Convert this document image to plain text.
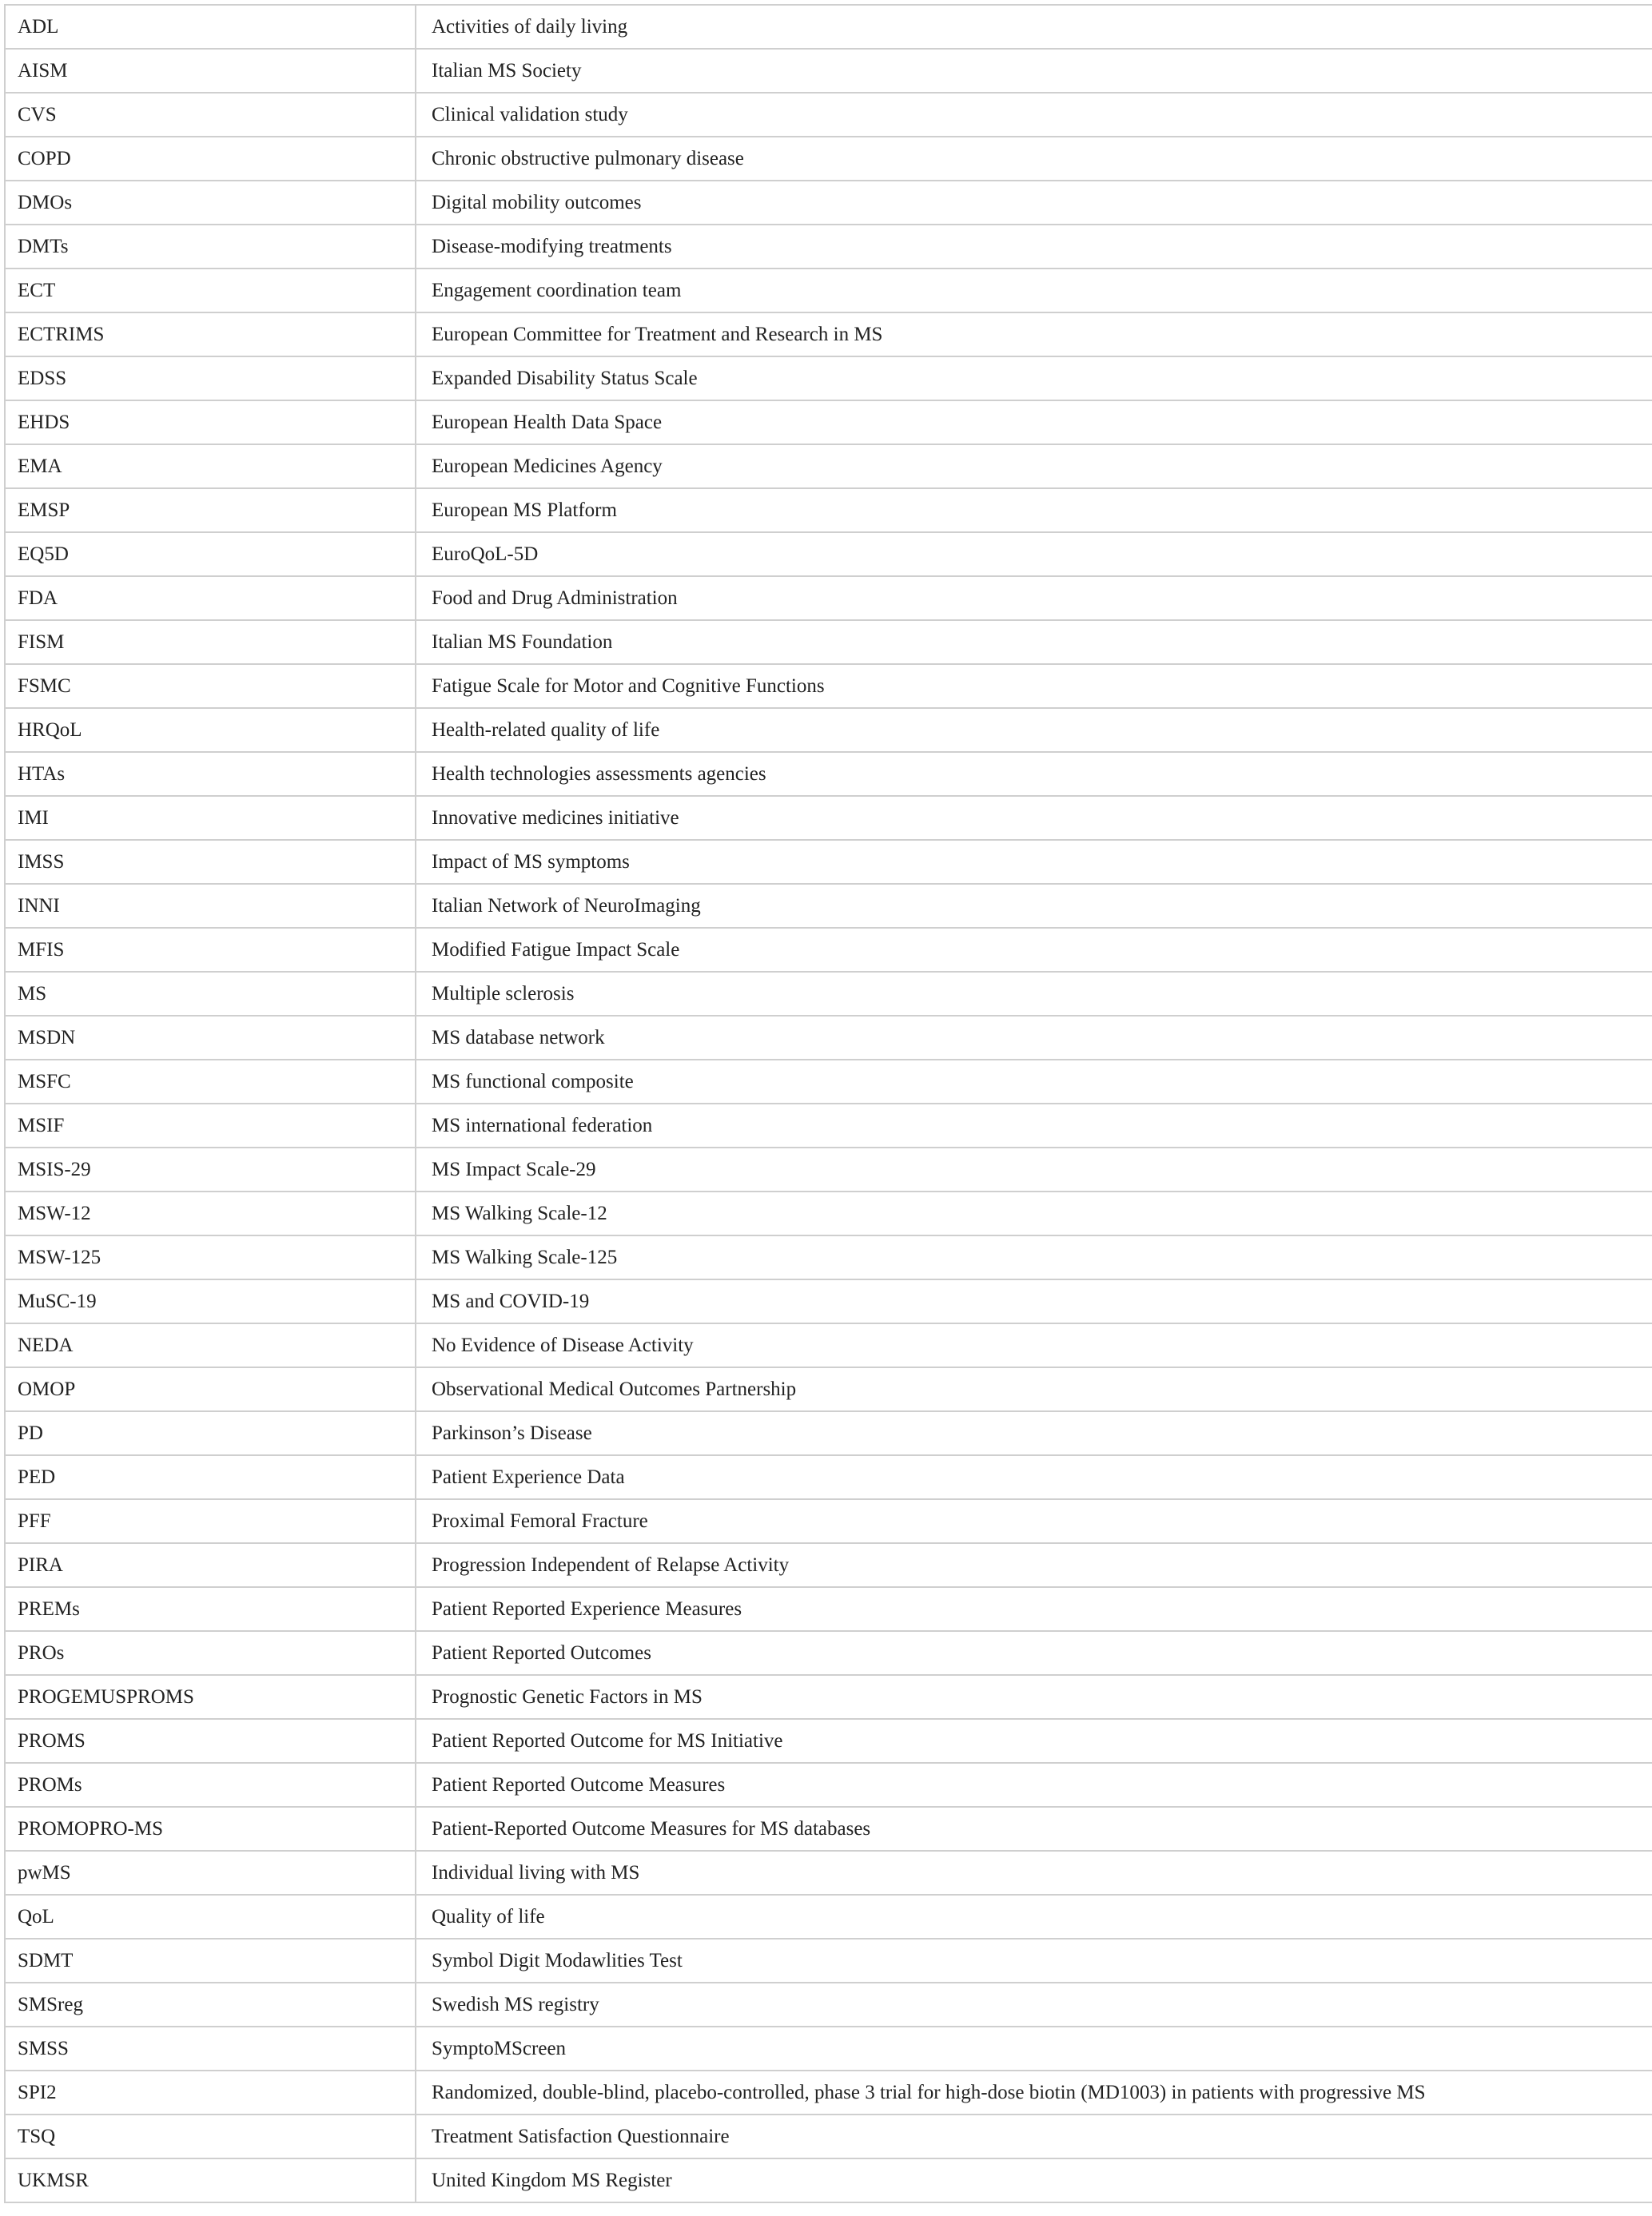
ADL	Activities of daily living
AISM	Italian MS Society
CVS	Clinical validation study
COPD	Chronic obstructive pulmonary disease
DMOs	Digital mobility outcomes
DMTs	Disease-modifying treatments
ECT	Engagement coordination team
ECTRIMS	European Committee for Treatment and Research in MS
EDSS	Expanded Disability Status Scale
EHDS	European Health Data Space
EMA	European Medicines Agency
EMSP	European MS Platform
EQ5D	EuroQoL-5D
FDA	Food and Drug Administration
FISM	Italian MS Foundation
FSMC	Fatigue Scale for Motor and Cognitive Functions
HRQoL	Health-related quality of life
HTAs	Health technologies assessments agencies
IMI	Innovative medicines initiative
IMSS	Impact of MS symptoms
INNI	Italian Network of NeuroImaging
MFIS	Modified Fatigue Impact Scale
MS	Multiple sclerosis
MSDN	MS database network
MSFC	MS functional composite
MSIF	MS international federation
MSIS-29	MS Impact Scale-29
MSW-12	MS Walking Scale-12
MSW-125	MS Walking Scale-125
MuSC-19	MS and COVID-19
NEDA	No Evidence of Disease Activity
OMOP	Observational Medical Outcomes Partnership
PD	Parkinson’s Disease
PED	Patient Experience Data
PFF	Proximal Femoral Fracture
PIRA	Progression Independent of Relapse Activity
PREMs	Patient Reported Experience Measures
PROs	Patient Reported Outcomes
PROGEMUSPROMS	Prognostic Genetic Factors in MS
PROMS	Patient Reported Outcome for MS Initiative
PROMs	Patient Reported Outcome Measures
PROMOPRO-MS	Patient-Reported Outcome Measures for MS databases
pwMS	Individual living with MS
QoL	Quality of life
SDMT	Symbol Digit Modawlities Test
SMSreg	Swedish MS registry
SMSS	SymptoMScreen
SPI2	Randomized, double-blind, placebo-controlled, phase 3 trial for high-dose biotin (MD1003) in patients with progressive MS
TSQ	Treatment Satisfaction Questionnaire
UKMSR	United Kingdom MS Register
